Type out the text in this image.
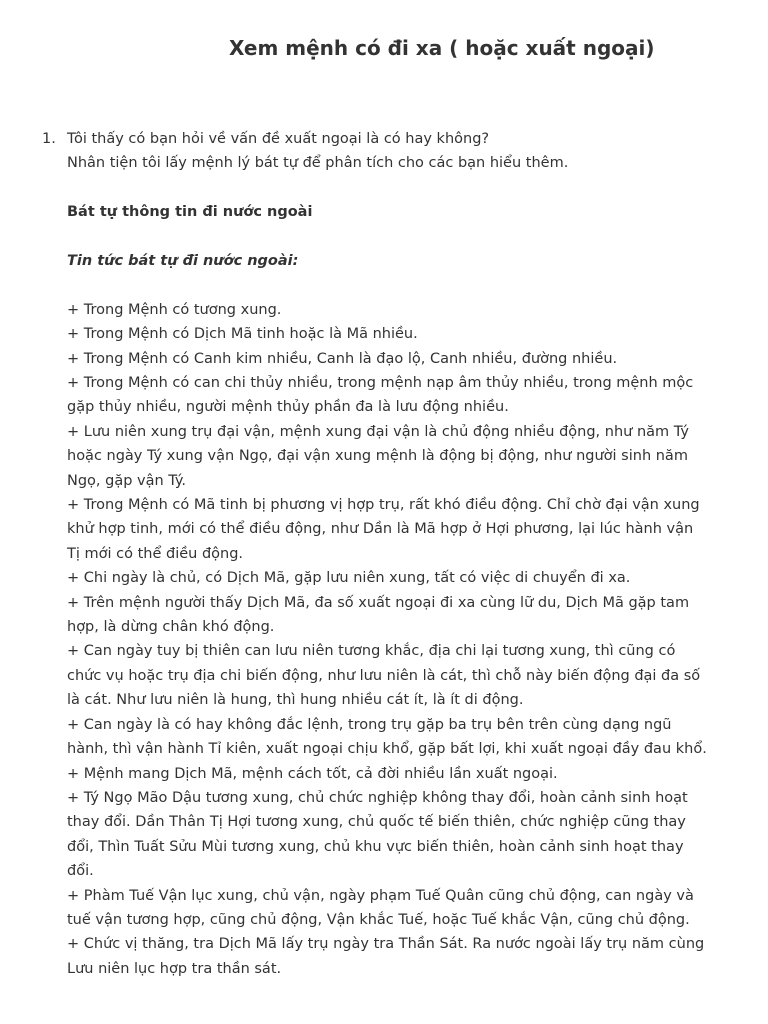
Xem mệnh có đi xa ( hoặc xuất ngoại)
1. Tôi thấy có bạn hỏi về vấn đề xuất ngoại là có hay không?
Nhân tiện tôi lấy mệnh lý bát tự để phân tích cho các bạn hiểu thêm.
Bát tự thông tin đi nước ngoài
Tin tức bát tự đi nước ngoài:
+ Trong Mệnh có tương xung.
+ Trong Mệnh có Dịch Mã tinh hoặc là Mã nhiều.
+ Trong Mệnh có Canh kim nhiều, Canh là đạo lộ, Canh nhiều, đường nhiều.
+ Trong Mệnh có can chi thủy nhiều, trong mệnh nạp âm thủy nhiều, trong mệnh mộc
gặp thủy nhiều, người mệnh thủy phần đa là lưu động nhiều.
+ Lưu niên xung trụ đại vận, mệnh xung đại vận là chủ động nhiều động, như năm Tý
hoặc ngày Tý xung vận Ngọ, đại vận xung mệnh là động bị động, như người sinh năm
Ngọ, gặp vận Tý.
+ Trong Mệnh có Mã tinh bị phương vị hợp trụ, rất khó điều động. Chỉ chờ đại vận xung
khử hợp tinh, mới có thể điều động, như Dần là Mã hợp ở Hợi phương, lại lúc hành vận
Tị mới có thể điều động.
+ Chi ngày là chủ, có Dịch Mã, gặp lưu niên xung, tất có việc di chuyển đi xa.
+ Trên mệnh người thấy Dịch Mã, đa số xuất ngoại đi xa cùng lữ du, Dịch Mã gặp tam
hợp, là dừng chân khó động.
+ Can ngày tuy bị thiên can lưu niên tương khắc, địa chi lại tương xung, thì cũng có
chức vụ hoặc trụ địa chi biến động, như lưu niên là cát, thì chỗ này biến động đại đa số
là cát. Như lưu niên là hung, thì hung nhiều cát ít, là ít di động.
+ Can ngày là có hay không đắc lệnh, trong trụ gặp ba trụ bên trên cùng dạng ngũ
hành, thì vận hành Tỉ kiên, xuất ngoại chịu khổ, gặp bất lợi, khi xuất ngoại đầy đau khổ.
+ Mệnh mang Dịch Mã, mệnh cách tốt, cả đời nhiều lần xuất ngoại.
+ Tý Ngọ Mão Dậu tương xung, chủ chức nghiệp không thay đổi, hoàn cảnh sinh hoạt
thay đổi. Dần Thân Tị Hợi tương xung, chủ quốc tế biến thiên, chức nghiệp cũng thay
đổi, Thìn Tuất Sửu Mùi tương xung, chủ khu vực biến thiên, hoàn cảnh sinh hoạt thay
đổi.
+ Phàm Tuế Vận lục xung, chủ vận, ngày phạm Tuế Quân cũng chủ động, can ngày và
tuế vận tương hợp, cũng chủ động, Vận khắc Tuế, hoặc Tuế khắc Vận, cũng chủ động.
+ Chức vị thăng, tra Dịch Mã lấy trụ ngày tra Thần Sát. Ra nước ngoài lấy trụ năm cùng
Lưu niên lục hợp tra thần sát.
